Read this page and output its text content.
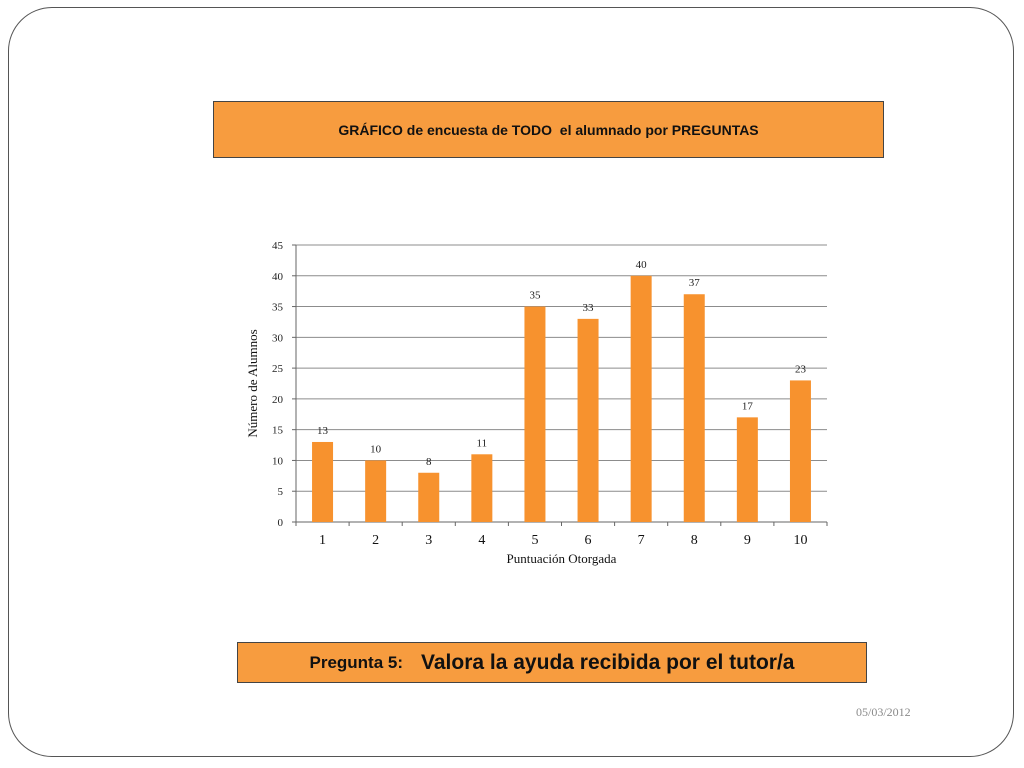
GRÁFICO de encuesta de TODO  el alumnado por PREGUNTAS
0
5
10
15
20
25
30
35
40
45
13
1
10
2
8
3
11
4
35
5
33
6
40
7
37
8
17
9
23
10
Puntuación Otorgada
Número de Alumnos
Pregunta 5: Valora la ayuda recibida por el tutor/a
05/03/2012
